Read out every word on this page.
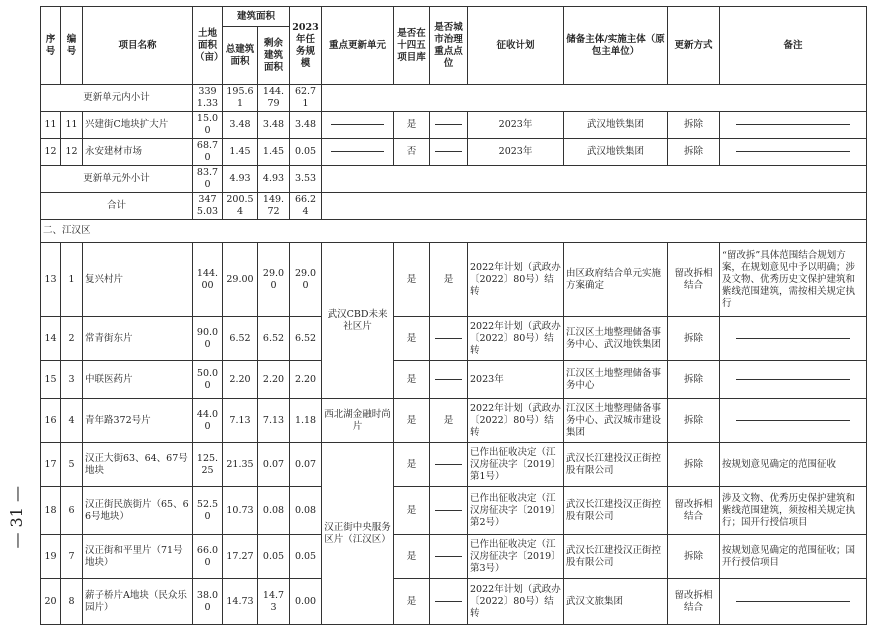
序号	编号	项目名称	土地面积（亩）	建筑面积		2023年任务规模	重点更新单元	是否在十四五项目库	是否城市治理重点点位	征收计划	储备主体/实施主体（原包主单位）	更新方式	备注
				总建筑面积	剩余建筑面积								
更新单元内小计			3391.33	195.61	144.79	62.71							
11	11	兴建街C地块扩大片	15.00	3.48	3.48	3.48		是		2023年	武汉地铁集团	拆除	
12	12	永安建材市场	68.70	1.45	1.45	0.05		否		2023年	武汉地铁集团	拆除	
更新单元外小计			83.70	4.93	4.93	3.53							
合计			3475.03	200.54	149.72	66.24							
二、江汉区													
13	1	复兴村片	144.00	29.00	29.00	29.00	武汉CBD未来社区片	是	是	2022年计划（武政办〔2022〕80号）结转	由区政府结合单元实施方案确定	留改拆相结合	“留改拆”具体范围结合规划方案，在规划意见中予以明确；涉及文物、优秀历史文保护建筑和紫线范围建筑，需按相关规定执行
14	2	常青街东片	90.00	6.52	6.52	6.52		是		2022年计划（武政办〔2022〕80号）结转	江汉区土地整理储备事务中心、武汉地铁集团	拆除	
15	3	中联医药片	50.00	2.20	2.20	2.20		是		2023年	江汉区土地整理储备事务中心	拆除	
16	4	青年路372号片	44.00	7.13	7.13	1.18	西北湖金融时尚片	是	是	2022年计划（武政办〔2022〕80号）结转	江汉区土地整理储备事务中心、武汉城市建设集团	拆除	
17	5	汉正大街63、64、67号地块	125.25	21.35	0.07	0.07	汉正街中央服务区片（江汉区）	是		已作出征收决定（江汉房征决字〔2019〕第1号）	武汉长江建投汉正街控股有限公司	拆除	按规划意见确定的范围征收
18	6	汉正街民族街片（65、66号地块）	52.50	10.73	0.08	0.08		是		已作出征收决定（江汉房征决字〔2019〕第2号）	武汉长江建投汉正街控股有限公司	留改拆相结合	涉及文物、优秀历史保护建筑和紫线范围建筑，须按相关规定执行；国开行授信项目
19	7	汉正街和平里片（71号地块）	66.00	17.27	0.05	0.05		是		已作出征收决定（江汉房征决字〔2019〕第3号）	武汉长江建投汉正街控股有限公司	拆除	按规划意见确定的范围征收；国开行授信项目
20	8	薪子桥片A地块（民众乐园片）	38.00	14.73	14.73	0.00		是		2022年计划（武政办〔2022〕80号）结转	武汉文旅集团	留改拆相结合	
— 31 —
